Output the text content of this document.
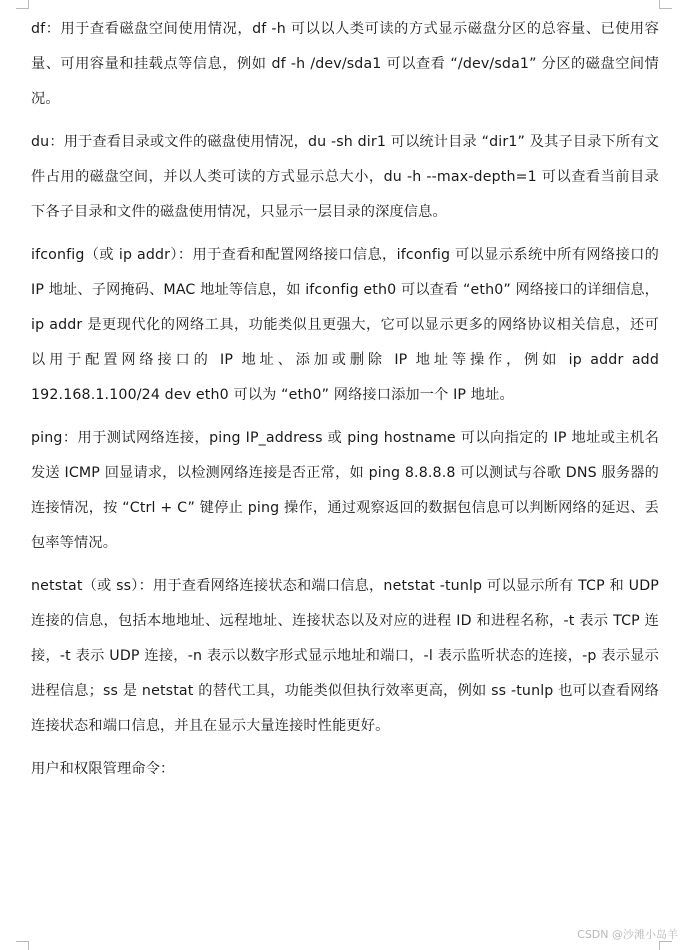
df：用于查看磁盘空间使用情况，df -h 可以以人类可读的方式显示磁盘分区的总容量、已使用容量、可用容量和挂载点等信息，例如 df -h /dev/sda1 可以查看 “/dev/sda1” 分区的磁盘空间情况。

du：用于查看目录或文件的磁盘使用情况，du -sh dir1 可以统计目录 “dir1” 及其子目录下所有文件占用的磁盘空间，并以人类可读的方式显示总大小，du -h --max-depth=1 可以查看当前目录下各子目录和文件的磁盘使用情况，只显示一层目录的深度信息。

ifconfig（或 ip addr）：用于查看和配置网络接口信息，ifconfig 可以显示系统中所有网络接口的 IP 地址、子网掩码、MAC 地址等信息，如 ifconfig eth0 可以查看 “eth0” 网络接口的详细信息，ip addr 是更现代化的网络工具，功能类似且更强大，它可以显示更多的网络协议相关信息，还可以用于配置网络接口的 IP 地址、添加或删除 IP 地址等操作，例如 ip addr add 192.168.1.100/24 dev eth0 可以为 “eth0” 网络接口添加一个 IP 地址。

ping：用于测试网络连接，ping IP_address 或 ping hostname 可以向指定的 IP 地址或主机名发送 ICMP 回显请求，以检测网络连接是否正常，如 ping 8.8.8.8 可以测试与谷歌 DNS 服务器的连接情况，按 “Ctrl + C” 键停止 ping 操作，通过观察返回的数据包信息可以判断网络的延迟、丢包率等情况。

netstat（或 ss）：用于查看网络连接状态和端口信息，netstat -tunlp 可以显示所有 TCP 和 UDP 连接的信息，包括本地地址、远程地址、连接状态以及对应的进程 ID 和进程名称，-t 表示 TCP 连接，-t 表示 UDP 连接，-n 表示以数字形式显示地址和端口，-l 表示监听状态的连接，-p 表示显示进程信息；ss 是 netstat 的替代工具，功能类似但执行效率更高，例如 ss -tunlp 也可以查看网络连接状态和端口信息，并且在显示大量连接时性能更好。

用户和权限管理命令：

CSDN @沙滩小岛羊
